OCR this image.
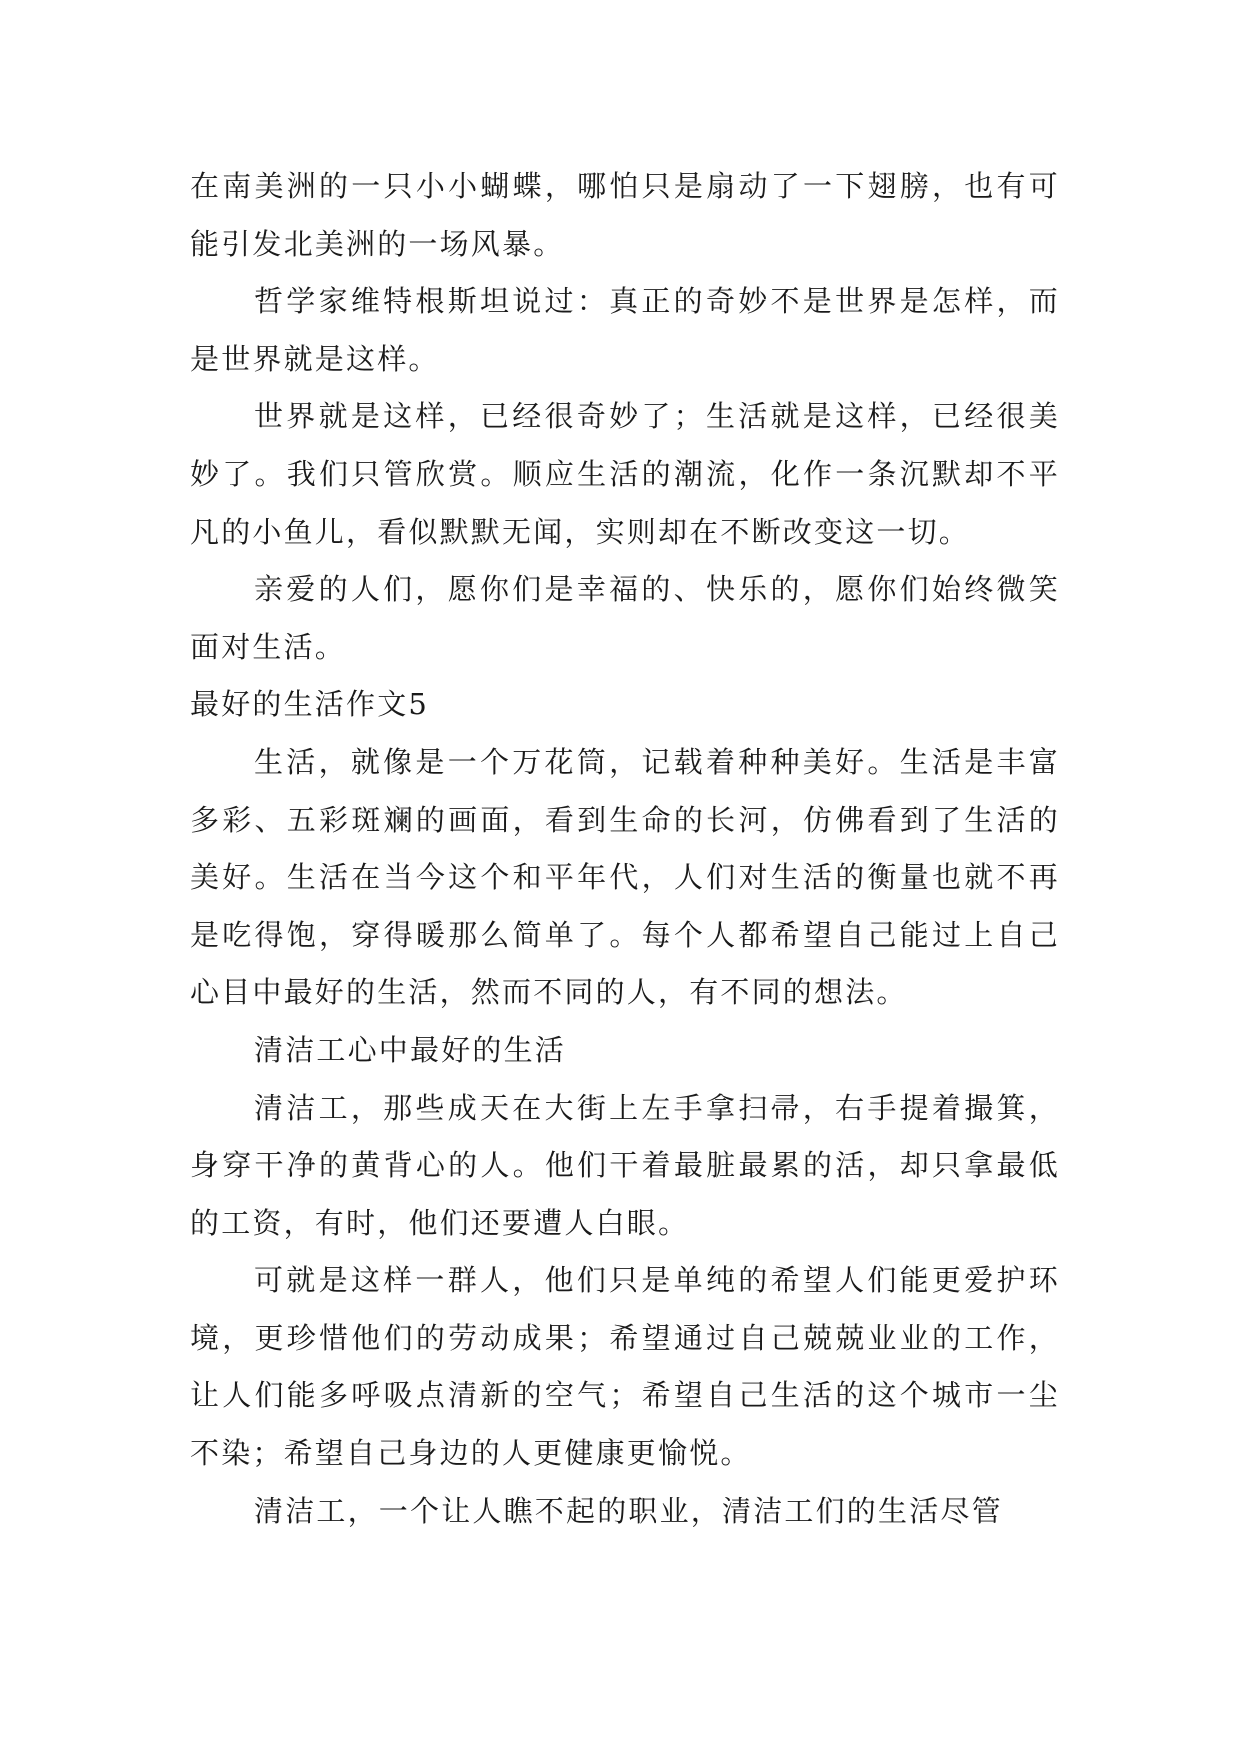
在南美洲的一只小小蝴蝶，哪怕只是扇动了一下翅膀，也有可能引发北美洲的一场风暴。

哲学家维特根斯坦说过：真正的奇妙不是世界是怎样，而是世界就是这样。

世界就是这样，已经很奇妙了；生活就是这样，已经很美妙了。我们只管欣赏。顺应生活的潮流，化作一条沉默却不平凡的小鱼儿，看似默默无闻，实则却在不断改变这一切。

亲爱的人们，愿你们是幸福的、快乐的，愿你们始终微笑面对生活。

最好的生活作文5

生活，就像是一个万花筒，记载着种种美好。生活是丰富多彩、五彩斑斓的画面，看到生命的长河，仿佛看到了生活的美好。生活在当今这个和平年代，人们对生活的衡量也就不再是吃得饱，穿得暖那么简单了。每个人都希望自己能过上自己心目中最好的生活，然而不同的人，有不同的想法。

清洁工心中最好的生活

清洁工，那些成天在大街上左手拿扫帚，右手提着撮箕，身穿干净的黄背心的人。他们干着最脏最累的活，却只拿最低的工资，有时，他们还要遭人白眼。

可就是这样一群人，他们只是单纯的希望人们能更爱护环境，更珍惜他们的劳动成果；希望通过自己兢兢业业的工作，让人们能多呼吸点清新的空气；希望自己生活的这个城市一尘不染；希望自己身边的人更健康更愉悦。

清洁工，一个让人瞧不起的职业，清洁工们的生活尽管
